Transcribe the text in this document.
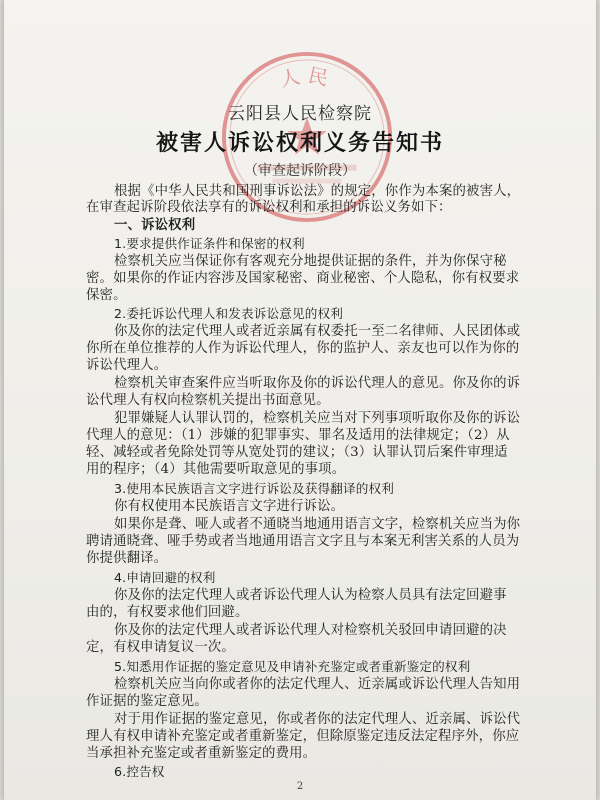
人民
云阳县人民检察院
被害人诉讼权利义务告知书
（审查起诉阶段）
根据《中华人民共和国刑事诉讼法》的规定，你作为本案的被害人，
在审查起诉阶段依法享有的诉讼权利和承担的诉讼义务如下：
一、诉讼权利
1.要求提供作证条件和保密的权利
检察机关应当保证你有客观充分地提供证据的条件，并为你保守秘
密。如果你的作证内容涉及国家秘密、商业秘密、个人隐私，你有权要求
保密。
2.委托诉讼代理人和发表诉讼意见的权利
你及你的法定代理人或者近亲属有权委托一至二名律师、人民团体或
你所在单位推荐的人作为诉讼代理人，你的监护人、亲友也可以作为你的
诉讼代理人。
检察机关审查案件应当听取你及你的诉讼代理人的意见。你及你的诉
讼代理人有权向检察机关提出书面意见。
犯罪嫌疑人认罪认罚的，检察机关应当对下列事项听取你及你的诉讼
代理人的意见：（1）涉嫌的犯罪事实、罪名及适用的法律规定；（2）从
轻、减轻或者免除处罚等从宽处罚的建议；（3）认罪认罚后案件审理适
用的程序；（4）其他需要听取意见的事项。
3.使用本民族语言文字进行诉讼及获得翻译的权利
你有权使用本民族语言文字进行诉讼。
如果你是聋、哑人或者不通晓当地通用语言文字，检察机关应当为你
聘请通晓聋、哑手势或者当地通用语言文字且与本案无利害关系的人员为
你提供翻译。
4.申请回避的权利
你及你的法定代理人或者诉讼代理人认为检察人员具有法定回避事
由的，有权要求他们回避。
你及你的法定代理人或者诉讼代理人对检察机关驳回申请回避的决
定，有权申请复议一次。
5.知悉用作证据的鉴定意见及申请补充鉴定或者重新鉴定的权利
检察机关应当向你或者你的法定代理人、近亲属或诉讼代理人告知用
作证据的鉴定意见。
对于用作证据的鉴定意见，你或者你的法定代理人、近亲属、诉讼代
理人有权申请补充鉴定或者重新鉴定，但除原鉴定违反法定程序外，你应
当承担补充鉴定或者重新鉴定的费用。
6.控告权
2
